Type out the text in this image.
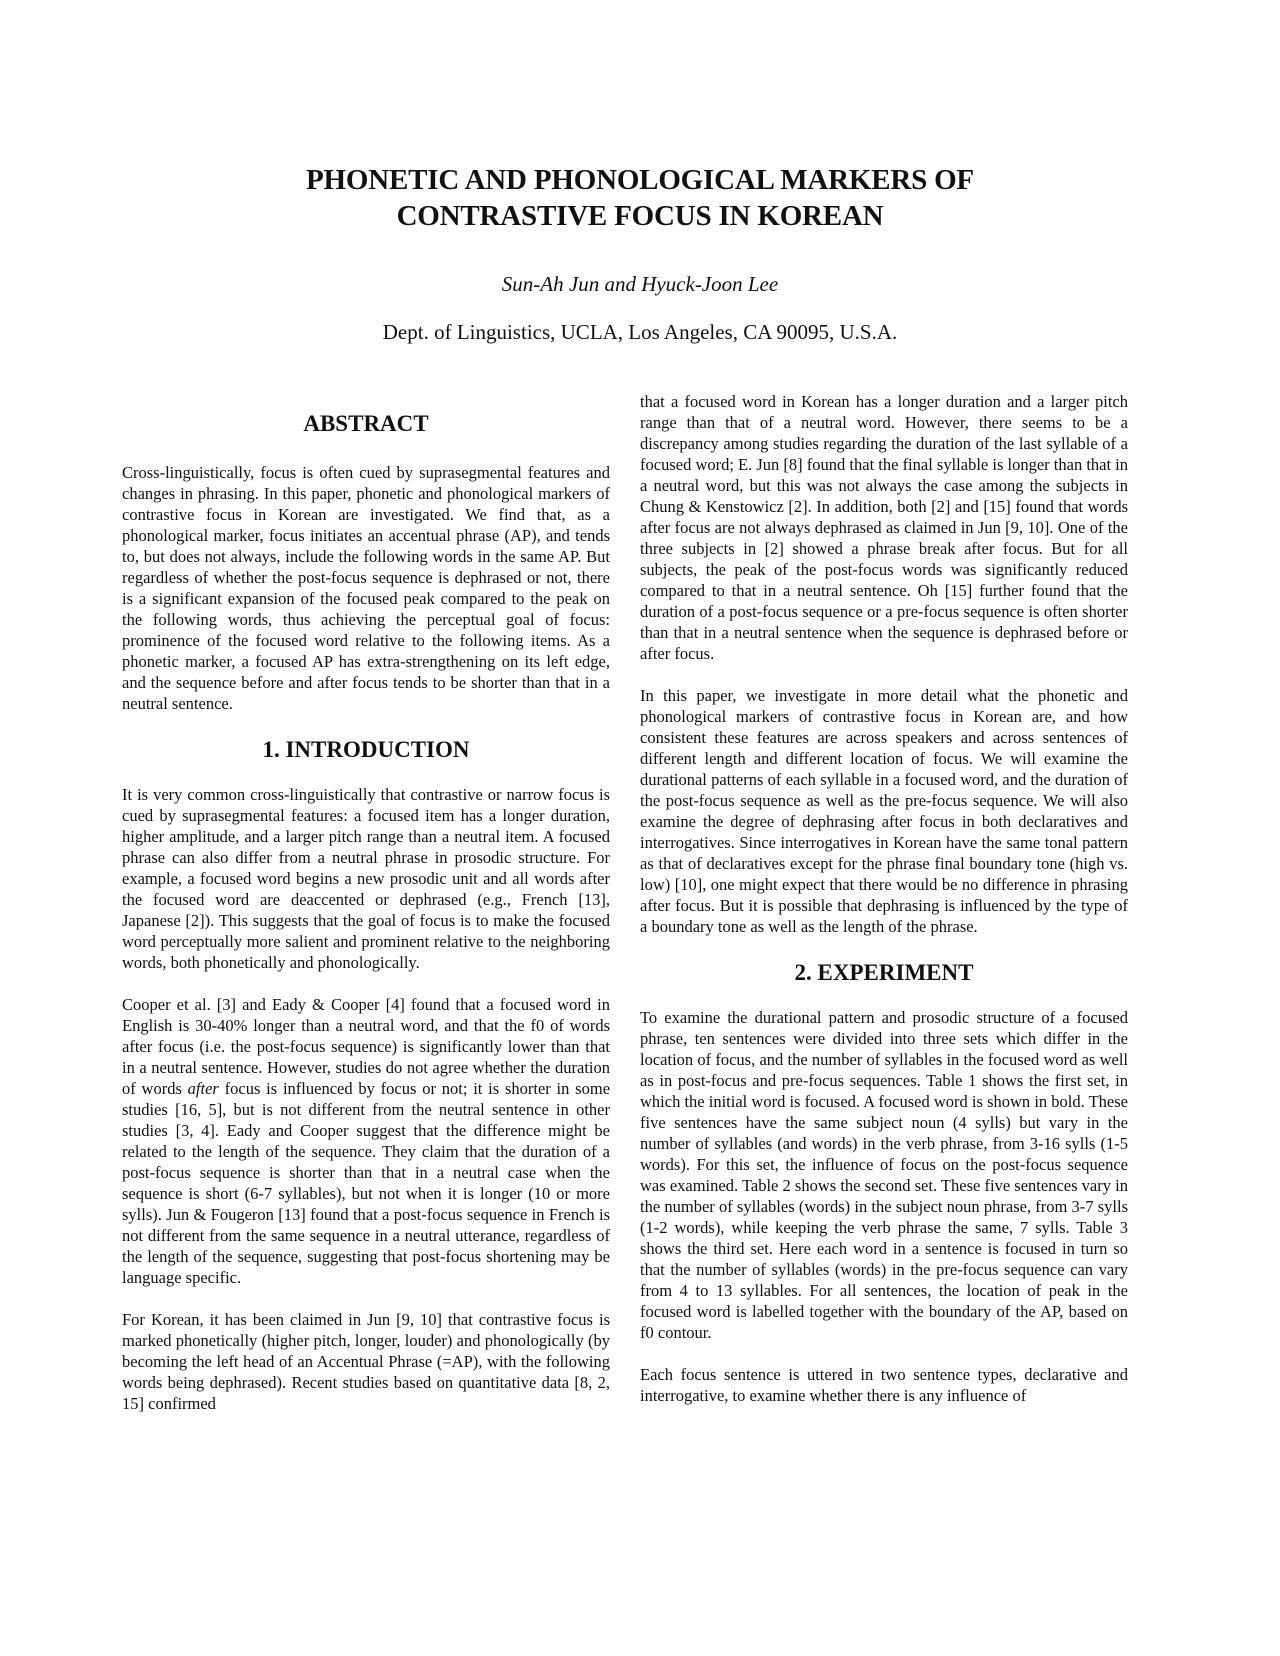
PHONETIC AND PHONOLOGICAL MARKERS OF
CONTRASTIVE FOCUS IN KOREAN
Sun-Ah Jun and Hyuck-Joon Lee
Dept. of Linguistics, UCLA, Los Angeles, CA 90095, U.S.A.
ABSTRACT

Cross-linguistically, focus is often cued by suprasegmental features and changes in phrasing. In this paper, phonetic and phonological markers of contrastive focus in Korean are investigated. We find that, as a phonological marker, focus initiates an accentual phrase (AP), and tends to, but does not always, include the following words in the same AP. But regardless of whether the post-focus sequence is dephrased or not, there is a significant expansion of the focused peak compared to the peak on the following words, thus achieving the perceptual goal of focus: prominence of the focused word relative to the following items. As a phonetic marker, a focused AP has extra-strengthening on its left edge, and the sequence before and after focus tends to be shorter than that in a neutral sentence.

1. INTRODUCTION

It is very common cross-linguistically that contrastive or narrow focus is cued by suprasegmental features: a focused item has a longer duration, higher amplitude, and a larger pitch range than a neutral item. A focused phrase can also differ from a neutral phrase in prosodic structure. For example, a focused word begins a new prosodic unit and all words after the focused word are deaccented or dephrased (e.g., French [13], Japanese [2]). This suggests that the goal of focus is to make the focused word perceptually more salient and prominent relative to the neighboring words, both phonetically and phonologically.

Cooper et al. [3] and Eady & Cooper [4] found that a focused word in English is 30-40% longer than a neutral word, and that the f0 of words after focus (i.e. the post-focus sequence) is significantly lower than that in a neutral sentence. However, studies do not agree whether the duration of words after focus is influenced by focus or not; it is shorter in some studies [16, 5], but is not different from the neutral sentence in other studies [3, 4]. Eady and Cooper suggest that the difference might be related to the length of the sequence. They claim that the duration of a post-focus sequence is shorter than that in a neutral case when the sequence is short (6-7 syllables), but not when it is longer (10 or more sylls). Jun & Fougeron [13] found that a post-focus sequence in French is not different from the same sequence in a neutral utterance, regardless of the length of the sequence, suggesting that post-focus shortening may be language specific.

For Korean, it has been claimed in Jun [9, 10] that contrastive focus is marked phonetically (higher pitch, longer, louder) and phonologically (by becoming the left head of an Accentual Phrase (=AP), with the following words being dephrased). Recent studies based on quantitative data [8, 2, 15] confirmed

that a focused word in Korean has a longer duration and a larger pitch range than that of a neutral word. However, there seems to be a discrepancy among studies regarding the duration of the last syllable of a focused word; E. Jun [8] found that the final syllable is longer than that in a neutral word, but this was not always the case among the subjects in Chung & Kenstowicz [2]. In addition, both [2] and [15] found that words after focus are not always dephrased as claimed in Jun [9, 10]. One of the three subjects in [2] showed a phrase break after focus. But for all subjects, the peak of the post-focus words was significantly reduced compared to that in a neutral sentence. Oh [15] further found that the duration of a post-focus sequence or a pre-focus sequence is often shorter than that in a neutral sentence when the sequence is dephrased before or after focus.

In this paper, we investigate in more detail what the phonetic and phonological markers of contrastive focus in Korean are, and how consistent these features are across speakers and across sentences of different length and different location of focus. We will examine the durational patterns of each syllable in a focused word, and the duration of the post-focus sequence as well as the pre-focus sequence. We will also examine the degree of dephrasing after focus in both declaratives and interrogatives. Since interrogatives in Korean have the same tonal pattern as that of declaratives except for the phrase final boundary tone (high vs. low) [10], one might expect that there would be no difference in phrasing after focus. But it is possible that dephrasing is influenced by the type of a boundary tone as well as the length of the phrase.

2. EXPERIMENT

To examine the durational pattern and prosodic structure of a focused phrase, ten sentences were divided into three sets which differ in the location of focus, and the number of syllables in the focused word as well as in post-focus and pre-focus sequences. Table 1 shows the first set, in which the initial word is focused. A focused word is shown in bold. These five sentences have the same subject noun (4 sylls) but vary in the number of syllables (and words) in the verb phrase, from 3-16 sylls (1-5 words). For this set, the influence of focus on the post-focus sequence was examined. Table 2 shows the second set. These five sentences vary in the number of syllables (words) in the subject noun phrase, from 3-7 sylls (1-2 words), while keeping the verb phrase the same, 7 sylls. Table 3 shows the third set. Here each word in a sentence is focused in turn so that the number of syllables (words) in the pre-focus sequence can vary from 4 to 13 syllables. For all sentences, the location of peak in the focused word is labelled together with the boundary of the AP, based on f0 contour.

Each focus sentence is uttered in two sentence types, declarative and interrogative, to examine whether there is any influence of
